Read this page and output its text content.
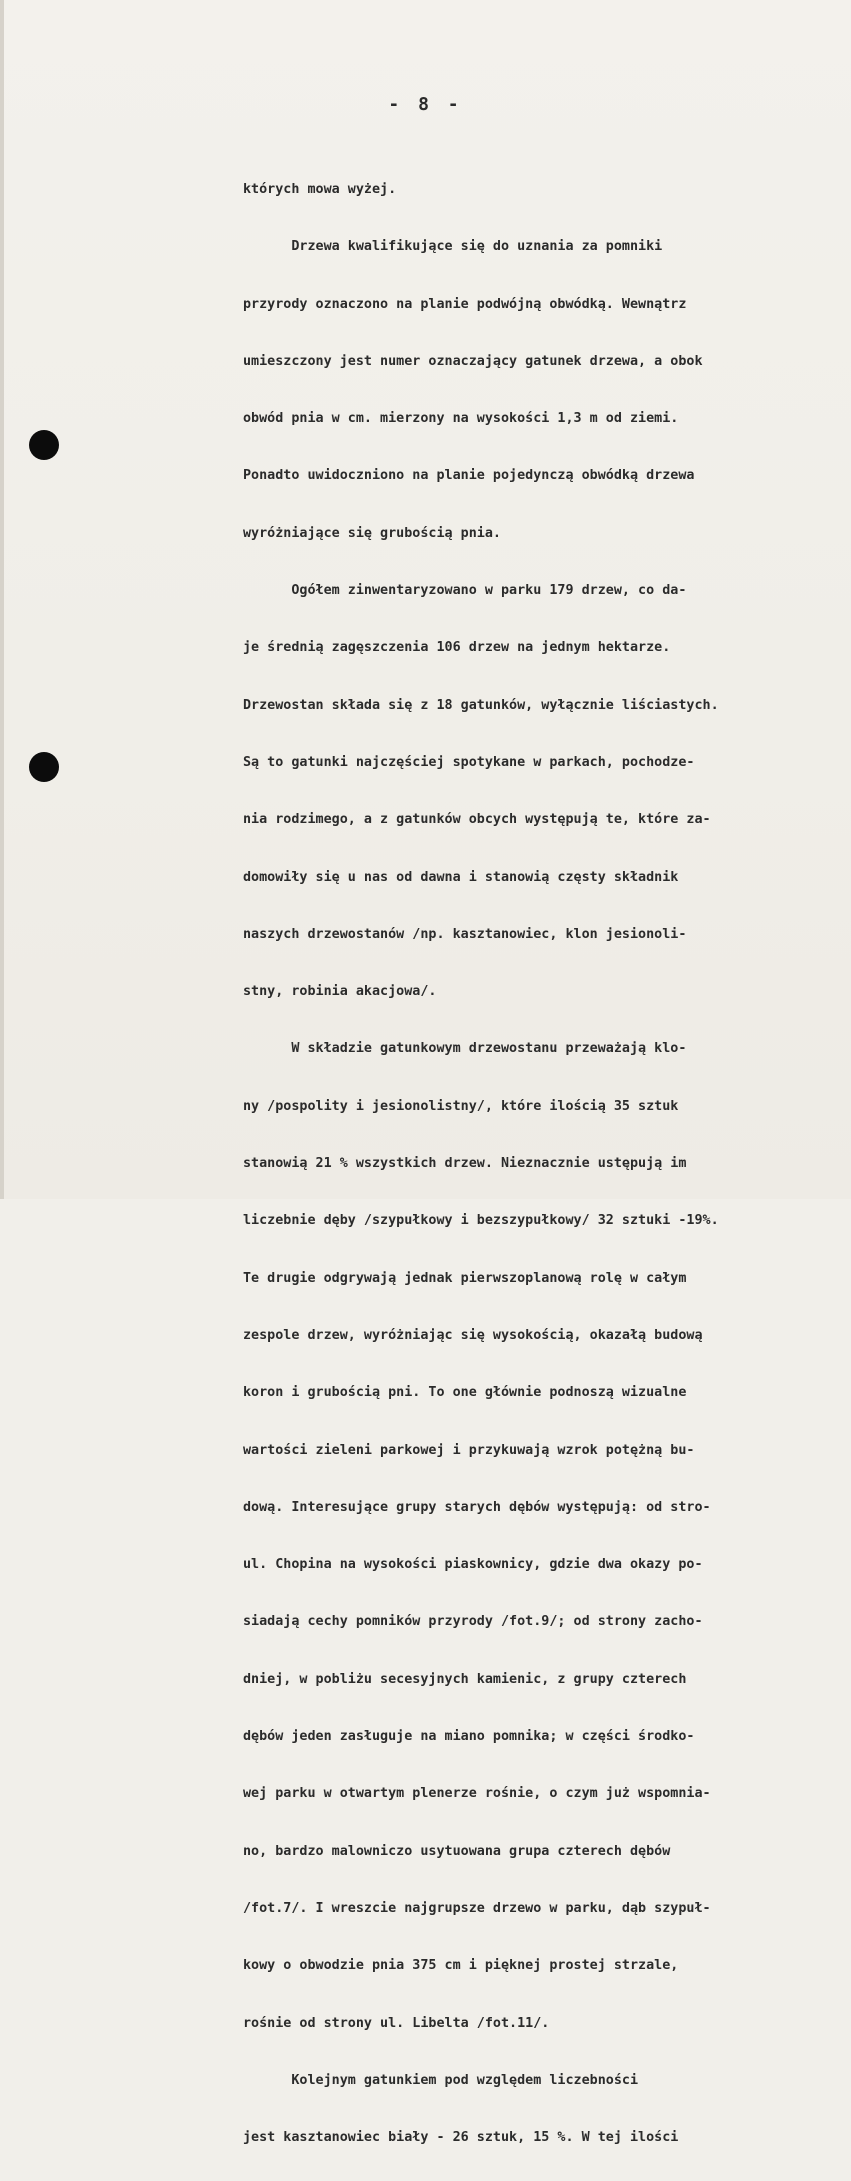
- 8 -

których mowa wyżej.

Drzewa kwalifikujące się do uznania za pomniki

przyrody oznaczono na planie podwójną obwódką. Wewnątrz

umieszczony jest numer oznaczający gatunek drzewa, a obok

obwód pnia w cm. mierzony na wysokości 1,3 m od ziemi.

Ponadto uwidoczniono na planie pojedynczą obwódką drzewa

wyróżniające się grubością pnia.

Ogółem zinwentaryzowano w parku 179 drzew, co da-

je średnią zagęszczenia 106 drzew na jednym hektarze.

Drzewostan składa się z 18 gatunków, wyłącznie liściastych.

Są to gatunki najczęściej spotykane w parkach, pochodze-

nia rodzimego, a z gatunków obcych występują te, które za-

domowiły się u nas od dawna i stanowią częsty składnik

naszych drzewostanów /np. kasztanowiec, klon jesionoli-

stny, robinia akacjowa/.

W składzie gatunkowym drzewostanu przeważają klo-

ny /pospolity i jesionolistny/, które ilością 35 sztuk

stanowią 21 % wszystkich drzew. Nieznacznie ustępują im

liczebnie dęby /szypułkowy i bezszypułkowy/ 32 sztuki -19%.

Te drugie odgrywają jednak pierwszoplanową rolę w całym

zespole drzew, wyróżniając się wysokością, okazałą budową

koron i grubością pni. To one głównie podnoszą wizualne

wartości zieleni parkowej i przykuwają wzrok potężną bu-

dową. Interesujące grupy starych dębów występują: od stro-

ul. Chopina na wysokości piaskownicy, gdzie dwa okazy po-

siadają cechy pomników przyrody /fot.9/; od strony zacho-

dniej, w pobliżu secesyjnych kamienic, z grupy czterech

dębów jeden zasługuje na miano pomnika; w części środko-

wej parku w otwartym plenerze rośnie, o czym już wspomnia-

no, bardzo malowniczo usytuowana grupa czterech dębów

/fot.7/. I wreszcie najgrupsze drzewo w parku, dąb szypuł-

kowy o obwodzie pnia 375 cm i pięknej prostej strzale,

rośnie od strony ul. Libelta /fot.11/.

Kolejnym gatunkiem pod względem liczebności

jest kasztanowiec biały - 26 sztuk, 15 %. W tej ilości
